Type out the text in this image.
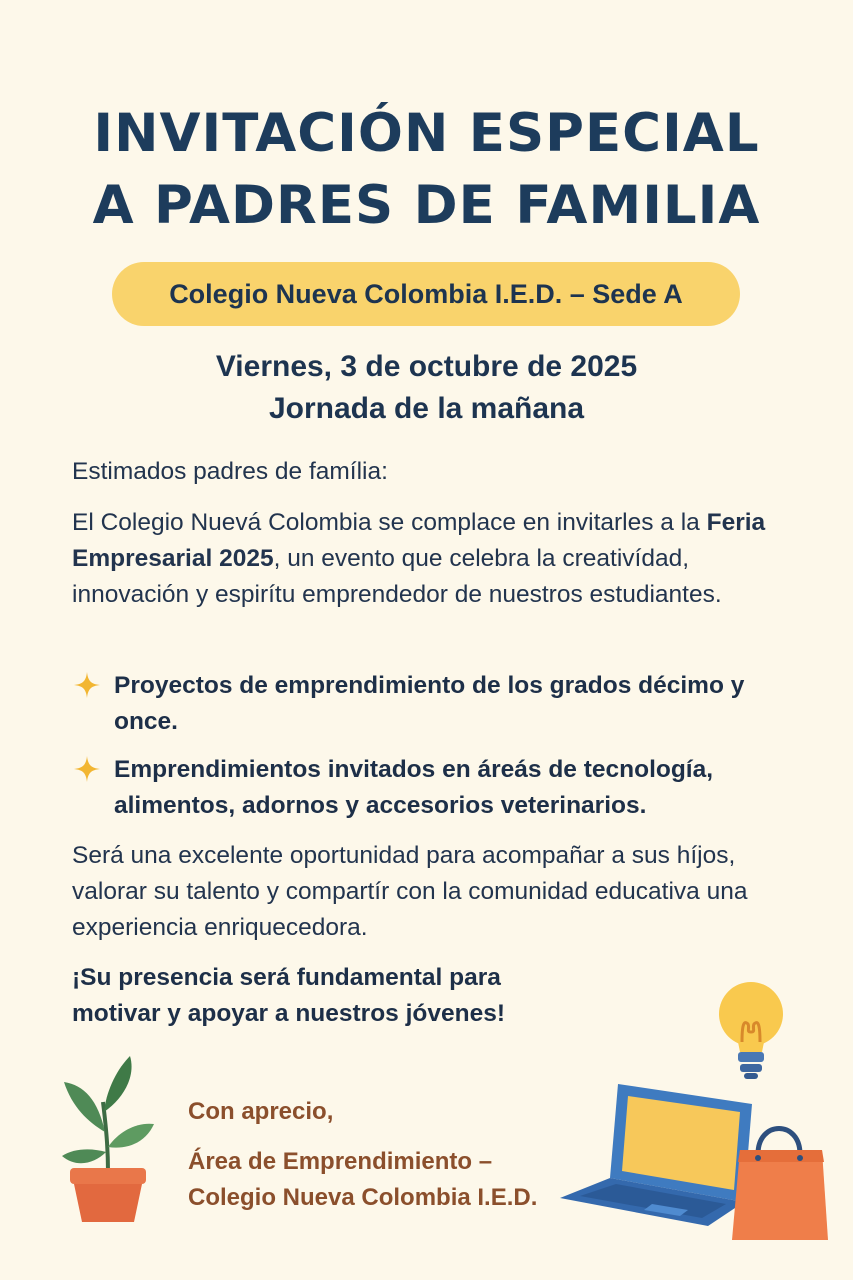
INVITACIÓN ESPECIAL
A PADRES DE FAMILIA
Colegio Nueva Colombia I.E.D. – Sede A
Viernes, 3 de octubre de 2025
Jornada de la mañana
Estimados padres de família:
El Colegio Nuevá Colombia se complace en invitarles a la Feria Empresarial 2025, un evento que celebra la creativídad, innovación y espirítu emprendedor de nuestros estudiantes.
Proyectos de emprendimiento de los grados décimo y once.
Emprendimientos invitados en áreás de tecnología, alimentos, adornos y accesorios veterinarios.
Será una excelente oportunidad para acompañar a sus híjos, valorar su talento y compartír con la comunidad educativa una experiencia enriquecedora.
¡Su presencia será fundamental para motivar y apoyar a nuestros jóvenes!
Con aprecio,
Área de Emprendimiento –
Colegio Nueva Colombia I.E.D.
